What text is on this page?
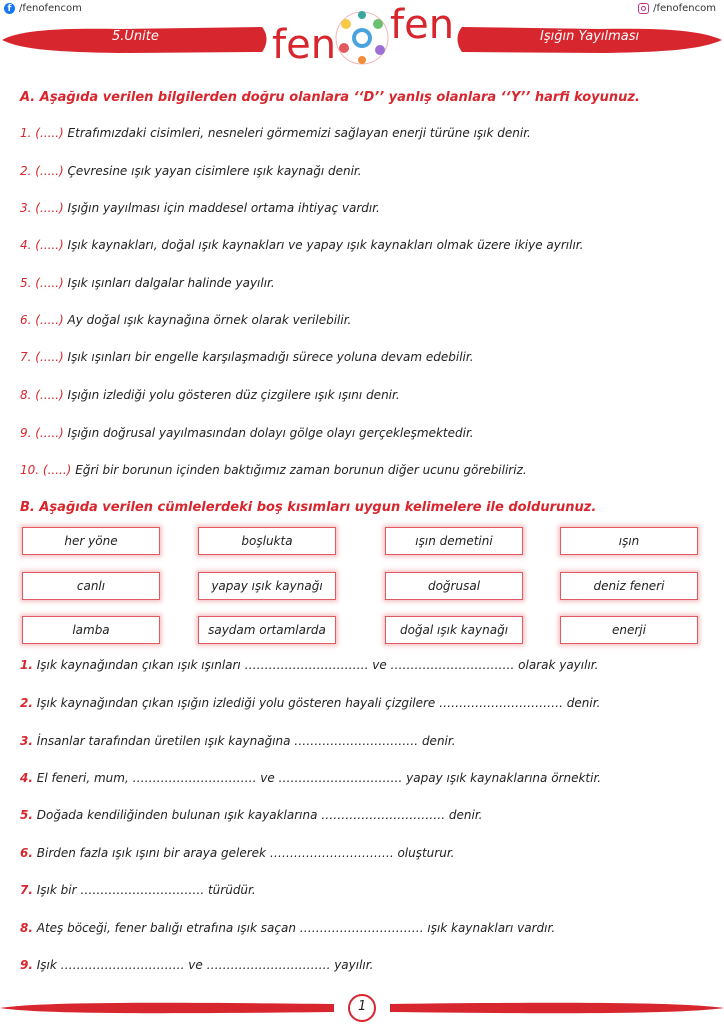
f /fenofencom	/fenofencom
5.Ünite	Işığın Yayılması
fen fen
A. Aşağıda verilen bilgilerden doğru olanlara ‘‘D’’ yanlış olanlara ‘‘Y’’ harfi koyunuz.
1. (.....) Etrafımızdaki cisimleri, nesneleri görmemizi sağlayan enerji türüne ışık denir.
2. (.....) Çevresine ışık yayan cisimlere ışık kaynağı denir.
3. (.....) Işığın yayılması için maddesel ortama ihtiyaç vardır.
4. (.....) Işık kaynakları, doğal ışık kaynakları ve yapay ışık kaynakları olmak üzere ikiye ayrılır.
5. (.....) Işık ışınları dalgalar halinde yayılır.
6. (.....) Ay doğal ışık kaynağına örnek olarak verilebilir.
7. (.....) Işık ışınları bir engelle karşılaşmadığı sürece yoluna devam edebilir.
8. (.....) Işığın izlediği yolu gösteren düz çizgilere ışık ışını denir.
9. (.....) Işığın doğrusal yayılmasından dolayı gölge olayı gerçekleşmektedir.
10. (.....) Eğri bir borunun içinden baktığımız zaman borunun diğer ucunu görebiliriz.
B. Aşağıda verilen cümlelerdeki boş kısımları uygun kelimelere ile doldurunuz.
her yöne	boşlukta	ışın demetini	ışın
canlı	yapay ışık kaynağı	doğrusal	deniz feneri
lamba	saydam ortamlarda	doğal ışık kaynağı	enerji
1. Işık kaynağından çıkan ışık ışınları …………………………. ve …………………………. olarak yayılır.
2. Işık kaynağından çıkan ışığın izlediği yolu gösteren hayali çizgilere …………………………. denir.
3. İnsanlar tarafından üretilen ışık kaynağına …………………………. denir.
4. El feneri, mum, …………………………. ve …………………………. yapay ışık kaynaklarına örnektir.
5. Doğada kendiliğinden bulunan ışık kayaklarına …………………………. denir.
6. Birden fazla ışık ışını bir araya gelerek …………………………. oluşturur.
7. Işık bir …………………………. türüdür.
8. Ateş böceği, fener balığı etrafına ışık saçan …………………………. ışık kaynakları vardır.
9. Işık …………………………. ve …………………………. yayılır.
1
